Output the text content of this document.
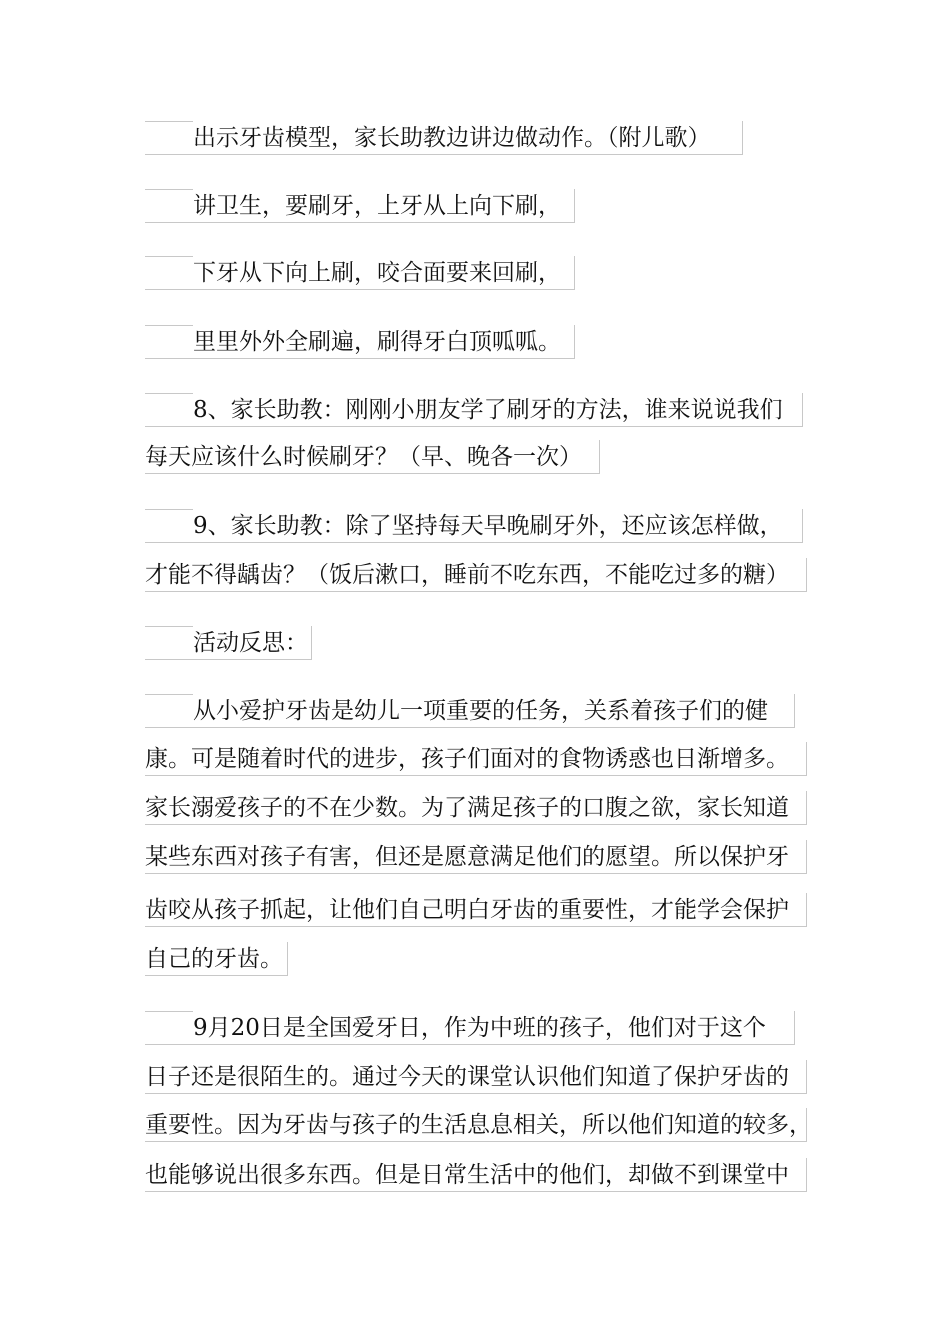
出示牙齿模型，家长助教边讲边做动作。（附儿歌）
讲卫生，要刷牙，上牙从上向下刷，
下牙从下向上刷，咬合面要来回刷，
里里外外全刷遍，刷得牙白顶呱呱。
8、家长助教：刚刚小朋友学了刷牙的方法，谁来说说我们
每天应该什么时候刷牙？（早、晚各一次）
9、家长助教：除了坚持每天早晚刷牙外，还应该怎样做，
才能不得龋齿？（饭后漱口，睡前不吃东西，不能吃过多的糖）
活动反思：
从小爱护牙齿是幼儿一项重要的任务，关系着孩子们的健
康。可是随着时代的进步，孩子们面对的食物诱惑也日渐增多。
家长溺爱孩子的不在少数。为了满足孩子的口腹之欲，家长知道
某些东西对孩子有害，但还是愿意满足他们的愿望。所以保护牙
齿咬从孩子抓起，让他们自己明白牙齿的重要性，才能学会保护
自己的牙齿。
9月20日是全国爱牙日，作为中班的孩子，他们对于这个
日子还是很陌生的。通过今天的课堂认识他们知道了保护牙齿的
重要性。因为牙齿与孩子的生活息息相关，所以他们知道的较多，
也能够说出很多东西。但是日常生活中的他们，却做不到课堂中
